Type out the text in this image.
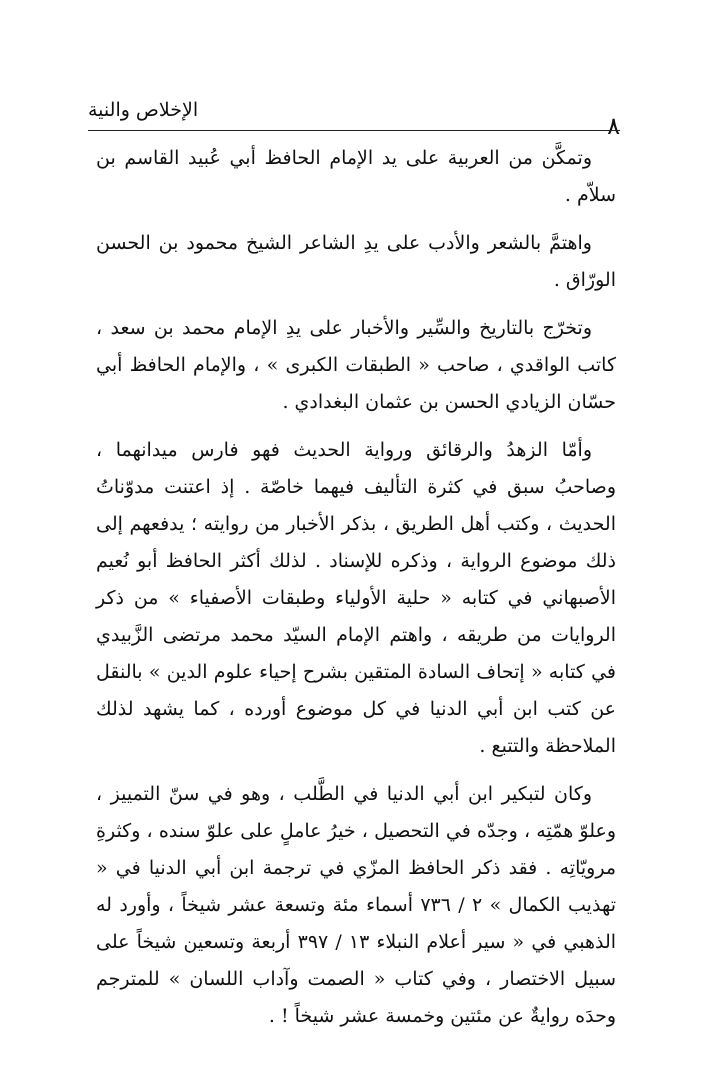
٨
الإخلاص والنية

وتمكَّن من العربية على يد الإمام الحافظ أبي عُبيد القاسم بن سلاّم .

واهتمَّ بالشعر والأدب على يدِ الشاعر الشيخ محمود بن الحسن الورّاق .

وتخرّج بالتاريخ والسِّير والأخبار على يدِ الإمام محمد بن سعد ، كاتب الواقدي ، صاحب « الطبقات الكبرى » ، والإمام الحافظ أبي حسّان الزيادي الحسن بن عثمان البغدادي .

وأمّا الزهدُ والرقائق ورواية الحديث فهو فارس ميدانهما ، وصاحبُ سبق في كثرة التأليف فيهما خاصّة . إذ اعتنت مدوّناتُ الحديث ، وكتب أهل الطريق ، بذكر الأخبار من روايته ؛ يدفعهم إلى ذلك موضوع الرواية ، وذكره للإسناد . لذلك أكثر الحافظ أبو نُعيم الأصبهاني في كتابه « حلية الأولياء وطبقات الأصفياء » من ذكر الروايات من طريقه ، واهتم الإمام السيّد محمد مرتضى الزَّبيدي في كتابه « إتحاف السادة المتقين بشرح إحياء علوم الدين » بالنقل عن كتب ابن أبي الدنيا في كل موضوع أورده ، كما يشهد لذلك الملاحظة والتتبع .

وكان لتبكير ابن أبي الدنيا في الطَّلب ، وهو في سنّ التمييز ، وعلوّ همّتِه ، وجدّه في التحصيل ، خيرُ عاملٍ على علوّ سنده ، وكثرةِ مرويّاتِه . فقد ذكر الحافظ المزّي في ترجمة ابن أبي الدنيا في « تهذيب الكمال » ٢ / ٧٣٦ أسماء مئة وتسعة عشر شيخاً ، وأورد له الذهبي في « سير أعلام النبلاء ١٣ / ٣٩٧ أربعة وتسعين شيخاً على سبيل الاختصار ، وفي كتاب « الصمت وآداب اللسان » للمترجم وحدَه روايةٌ عن مئتين وخمسة عشر شيخاً ! .
